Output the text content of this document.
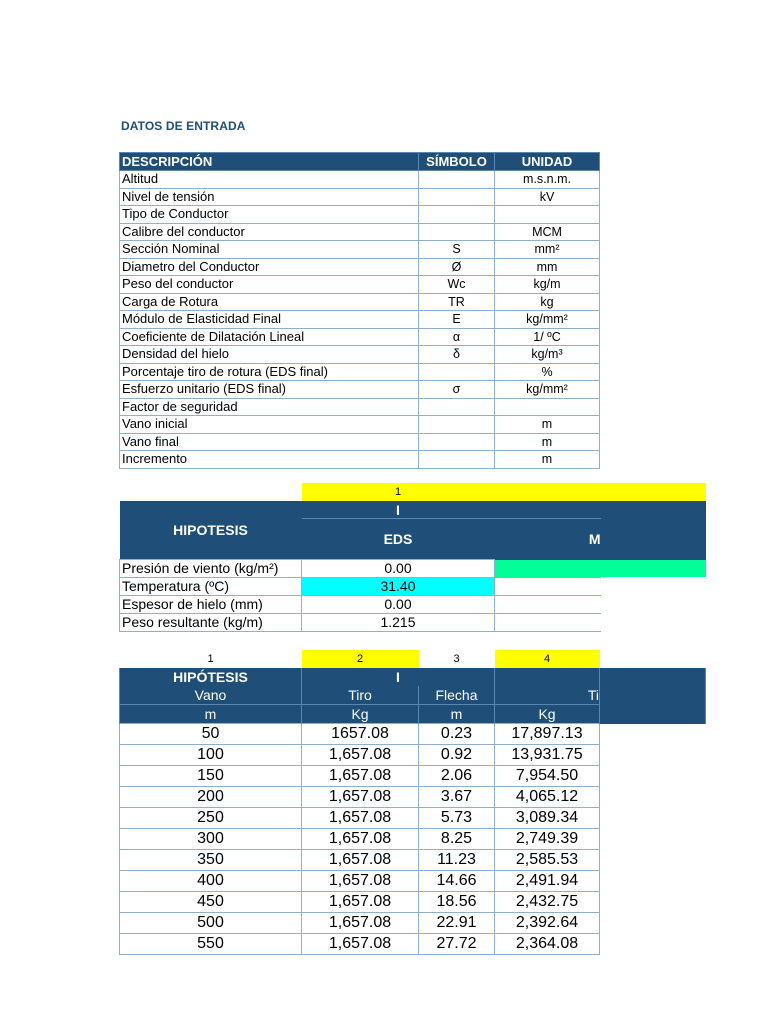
DATOS DE ENTRADA
DESCRIPCIÓN	SÍMBOLO	UNIDAD
Altitud		m.s.n.m.
Nivel de tensión		kV
Tipo de Conductor		
Calibre del conductor		MCM
Sección Nominal	S	mm²
Diametro del Conductor	Ø	mm
Peso del conductor	Wc	kg/m
Carga de Rotura	TR	kg
Módulo de Elasticidad Final	E	kg/mm²
Coeficiente de Dilatación Lineal	α	1/ ºC
Densidad del hielo	δ	kg/m³
Porcentaje tiro de rotura (EDS final)		%
Esfuerzo unitario (EDS final)	σ	kg/mm²
Factor de seguridad		
Vano inicial		m
Vano final		m
Incremento		m
	1		
HIPOTESIS	I		
	EDS	M	
Presión de viento (kg/m²)	0.00		
Temperatura (ºC)	31.40		
Espesor de hielo (mm)	0.00		
Peso resultante (kg/m)	1.215		
1	2	3	4	
HIPÓTESIS	I			
Vano	Tiro	Flecha	Ti	
m	Kg	m	Kg	
50	1657.08	0.23	17,897.13	
100	1,657.08	0.92	13,931.75	
150	1,657.08	2.06	7,954.50	
200	1,657.08	3.67	4,065.12	
250	1,657.08	5.73	3,089.34	
300	1,657.08	8.25	2,749.39	
350	1,657.08	11.23	2,585.53	
400	1,657.08	14.66	2,491.94	
450	1,657.08	18.56	2,432.75	
500	1,657.08	22.91	2,392.64	
550	1,657.08	27.72	2,364.08	
